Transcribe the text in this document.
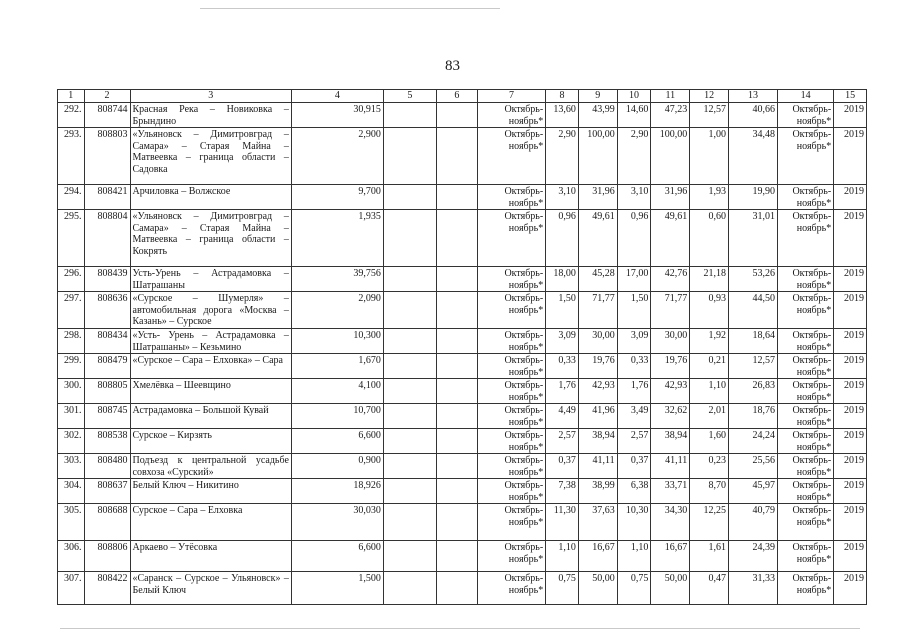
83
1	2	3	4	5	6	7	8	9	10	11	12	13	14	15
292.	808744	Красная Река – Новиковка – Брындино	30,915			Октябрь-ноябрь*	13,60	43,99	14,60	47,23	12,57	40,66	Октябрь-ноябрь*	2019
293.	808803	«Ульяновск – Димитровград – Самара» – Старая Майна – Матвеевка – граница области – Садовка	2,900			Октябрь-ноябрь*	2,90	100,00	2,90	100,00	1,00	34,48	Октябрь-ноябрь*	2019
294.	808421	Арчиловка – Волжское	9,700			Октябрь-ноябрь*	3,10	31,96	3,10	31,96	1,93	19,90	Октябрь-ноябрь*	2019
295.	808804	«Ульяновск – Димитровград – Самара» – Старая Майна – Матвеевка – граница области – Кокрять	1,935			Октябрь-ноябрь*	0,96	49,61	0,96	49,61	0,60	31,01	Октябрь-ноябрь*	2019
296.	808439	Усть-Урень – Астрадамовка – Шатрашаны	39,756			Октябрь-ноябрь*	18,00	45,28	17,00	42,76	21,18	53,26	Октябрь-ноябрь*	2019
297.	808636	«Сурское – Шумерля» – автомобильная дорога «Москва – Казань» – Сурское	2,090			Октябрь-ноябрь*	1,50	71,77	1,50	71,77	0,93	44,50	Октябрь-ноябрь*	2019
298.	808434	«Усть- Урень – Астрадамовка – Шатрашаны» – Кезьмино	10,300			Октябрь-ноябрь*	3,09	30,00	3,09	30,00	1,92	18,64	Октябрь-ноябрь*	2019
299.	808479	«Сурское – Сара – Елховка» – Сара	1,670			Октябрь-ноябрь*	0,33	19,76	0,33	19,76	0,21	12,57	Октябрь-ноябрь*	2019
300.	808805	Хмелёвка – Шеевщино	4,100			Октябрь-ноябрь*	1,76	42,93	1,76	42,93	1,10	26,83	Октябрь-ноябрь*	2019
301.	808745	Астрадамовка – Большой Кувай	10,700			Октябрь-ноябрь*	4,49	41,96	3,49	32,62	2,01	18,76	Октябрь-ноябрь*	2019
302.	808538	Сурское – Кирзять	6,600			Октябрь-ноябрь*	2,57	38,94	2,57	38,94	1,60	24,24	Октябрь-ноябрь*	2019
303.	808480	Подъезд к центральной усадьбе совхоза «Сурский»	0,900			Октябрь-ноябрь*	0,37	41,11	0,37	41,11	0,23	25,56	Октябрь-ноябрь*	2019
304.	808637	Белый Ключ – Никитино	18,926			Октябрь-ноябрь*	7,38	38,99	6,38	33,71	8,70	45,97	Октябрь-ноябрь*	2019
305.	808688	Сурское – Сара – Елховка	30,030			Октябрь-ноябрь*	11,30	37,63	10,30	34,30	12,25	40,79	Октябрь-ноябрь*	2019
306.	808806	Аркаево – Утёсовка	6,600			Октябрь-ноябрь*	1,10	16,67	1,10	16,67	1,61	24,39	Октябрь-ноябрь*	2019
307.	808422	«Саранск – Сурское – Ульяновск» – Белый Ключ	1,500			Октябрь-ноябрь*	0,75	50,00	0,75	50,00	0,47	31,33	Октябрь-ноябрь*	2019
